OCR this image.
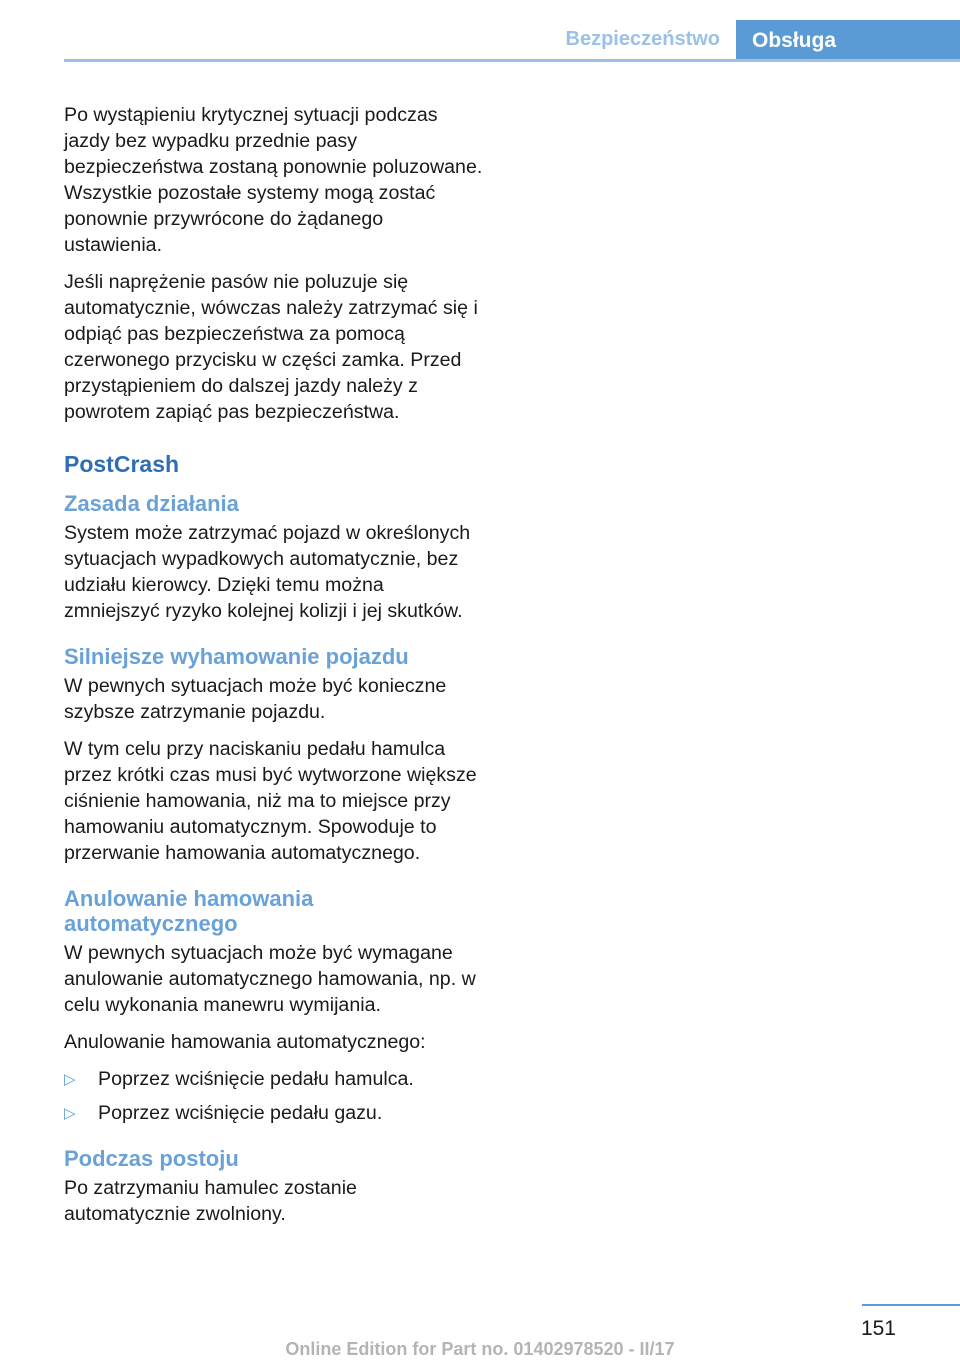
Bezpieczeństwo	Obsługa

Po wystąpieniu krytycznej sytuacji podczas jazdy bez wypadku przednie pasy bezpieczeństwa zostaną ponownie poluzowane. Wszystkie pozostałe systemy mogą zostać ponownie przywrócone do żądanego ustawienia.

Jeśli naprężenie pasów nie poluzuje się automatycznie, wówczas należy zatrzymać się i odpiąć pas bezpieczeństwa za pomocą czerwonego przycisku w części zamka. Przed przystąpieniem do dalszej jazdy należy z powrotem zapiąć pas bezpieczeństwa.

PostCrash
Zasada działania

System może zatrzymać pojazd w określonych sytuacjach wypadkowych automatycznie, bez udziału kierowcy. Dzięki temu można zmniejszyć ryzyko kolejnej kolizji i jej skutków.

Silniejsze wyhamowanie pojazdu

W pewnych sytuacjach może być konieczne szybsze zatrzymanie pojazdu.

W tym celu przy naciskaniu pedału hamulca przez krótki czas musi być wytworzone większe ciśnienie hamowania, niż ma to miejsce przy hamowaniu automatycznym. Spowoduje to przerwanie hamowania automatycznego.

Anulowanie hamowania
automatycznego

W pewnych sytuacjach może być wymagane anulowanie automatycznego hamowania, np. w celu wykonania manewru wymijania.

Anulowanie hamowania automatycznego:

▷ Poprzez wciśnięcie pedału hamulca.
▷ Poprzez wciśnięcie pedału gazu.
Podczas postoju

Po zatrzymaniu hamulec zostanie automatycznie zwolniony.

151
Online Edition for Part no. 01402978520 - II/17
